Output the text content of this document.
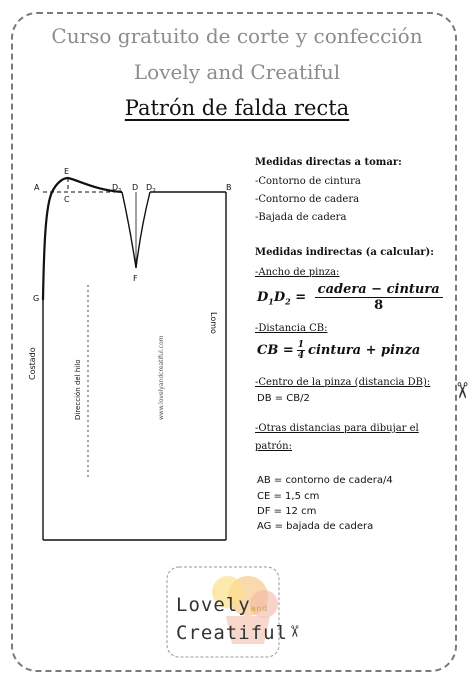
Curso gratuito de corte y confección
Lovely and Creatiful
Patrón de falda recta
A
E
C
$D_1$ D $D_2$	B
F
G
Costado	Dirección del hilo	www.lovelyandcreatiful.com
Lomo
Medidas directas a tomar:
-Contorno de cintura
-Contorno de cadera
-Bajada de cadera
Medidas indirectas (a calcular):
-Ancho de pinza:
$D_1D_2 = \frac{\text{cadera − cintura}}{8}$
-Distancia CB:
CB = $\frac{1}{4}$ cintura + pinza
-Centro de la pinza (distancia DB):
DB = CB/2
-Otras distancias para dibujar el
patrón:
AB = contorno de cadera/4
CE = 1,5 cm
DF = 12 cm
AG = bajada de cadera
✂
Lovelyand
Creatiful
✂
